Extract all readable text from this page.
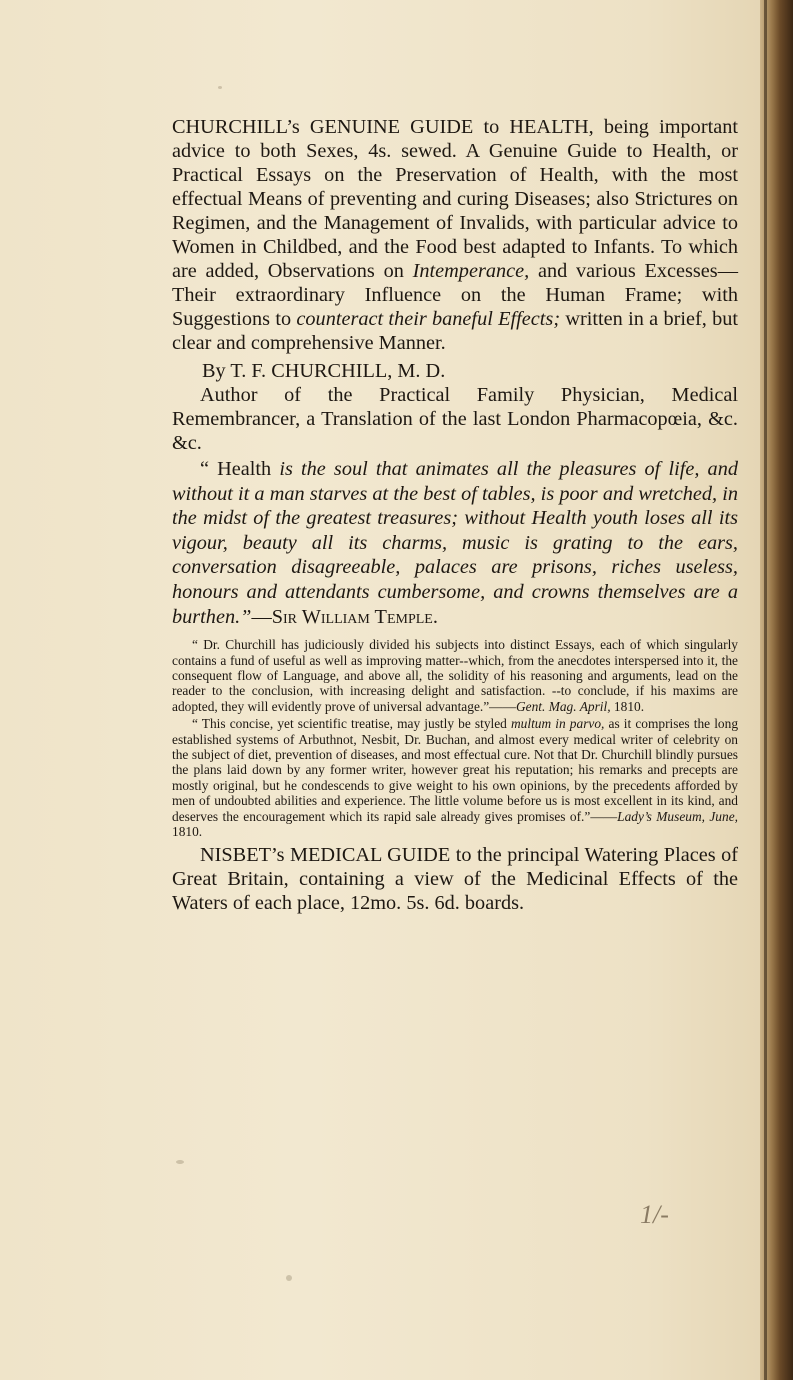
CHURCHILL’s GENUINE GUIDE to HEALTH, being important advice to both Sexes, 4s. sewed. A Genuine Guide to Health, or Practical Essays on the Preservation of Health, with the most effectual Means of preventing and curing Diseases; also Strictures on Regimen, and the Management of Invalids, with particular advice to Women in Childbed, and the Food best adapted to Infants. To which are added, Observations on Intemperance, and various Excesses—Their extraordinary Influence on the Human Frame; with Suggestions to counteract their baneful Effects; written in a brief, but clear and comprehensive Manner.

By T. F. CHURCHILL, M. D.

Author of the Practical Family Physician, Medical Remembrancer, a Translation of the last London Pharmacopœia, &c. &c.

“ Health is the soul that animates all the pleasures of life, and without it a man starves at the best of tables, is poor and wretched, in the midst of the greatest treasures; without Health youth loses all its vigour, beauty all its charms, music is grating to the ears, conversation disagreeable, palaces are prisons, riches useless, honours and attendants cumbersome, and crowns themselves are a burthen.”—Sir William Temple.

“ Dr. Churchill has judiciously divided his subjects into distinct Essays, each of which singularly contains a fund of useful as well as improving matter--which, from the anecdotes interspersed into it, the consequent flow of Language, and above all, the solidity of his reasoning and arguments, lead on the reader to the conclusion, with increasing delight and satisfaction. --to conclude, if his maxims are adopted, they will evidently prove of universal advantage.”——Gent. Mag. April, 1810.

“ This concise, yet scientific treatise, may justly be styled multum in parvo, as it comprises the long established systems of Arbuthnot, Nesbit, Dr. Buchan, and almost every medical writer of celebrity on the subject of diet, prevention of diseases, and most effectual cure. Not that Dr. Churchill blindly pursues the plans laid down by any former writer, however great his reputation; his remarks and precepts are mostly original, but he condescends to give weight to his own opinions, by the precedents afforded by men of undoubted abilities and experience. The little volume before us is most excellent in its kind, and deserves the encouragement which its rapid sale already gives promises of.”——Lady’s Museum, June, 1810.

NISBET’s MEDICAL GUIDE to the principal Watering Places of Great Britain, containing a view of the Medicinal Effects of the Waters of each place, 12mo. 5s. 6d. boards.

1/-
